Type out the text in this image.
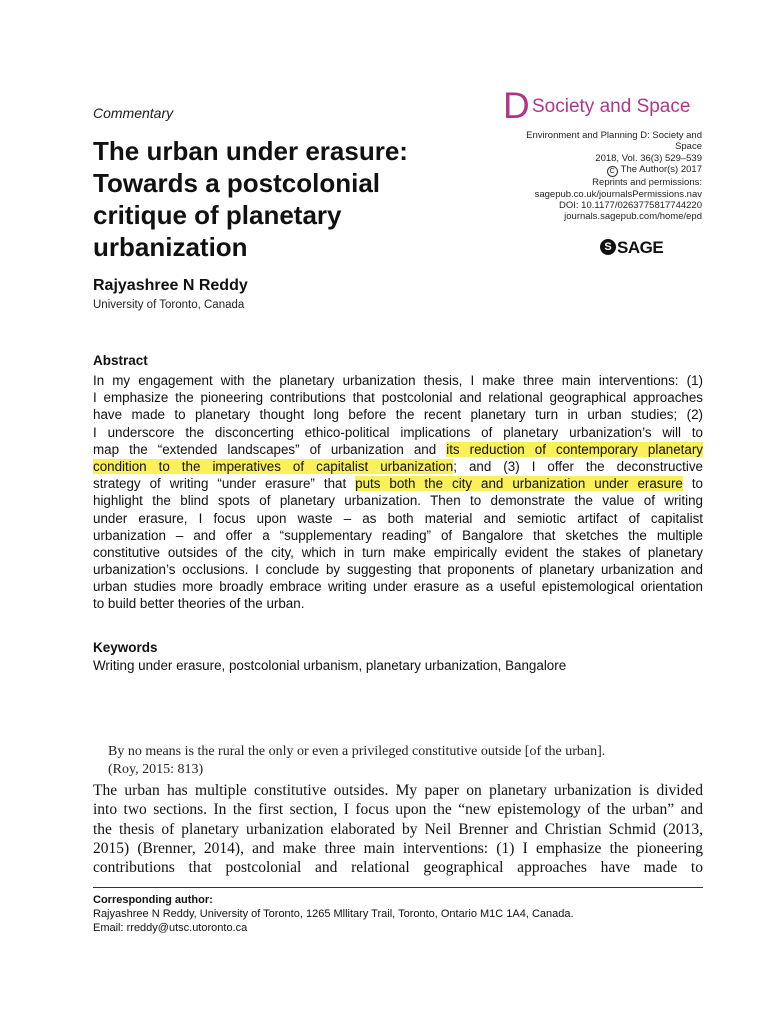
Commentary	D Society and Space
The urban under erasure:
Towards a postcolonial
critique of planetary
urbanization
Environment and Planning D: Society and
Space
2018, Vol. 36(3) 529–539
C The Author(s) 2017
Reprints and permissions:
sagepub.co.uk/journalsPermissions.nav
DOI: 10.1177/0263775817744220
journals.sagepub.com/home/epd
S SAGE
Rajyashree N Reddy
University of Toronto, Canada
Abstract
In my engagement with the planetary urbanization thesis, I make three main interventions: (1)
I emphasize the pioneering contributions that postcolonial and relational geographical approaches
have made to planetary thought long before the recent planetary turn in urban studies; (2)
I underscore the disconcerting ethico-political implications of planetary urbanization’s will to
map the “extended landscapes” of urbanization and its reduction of contemporary planetary
condition to the imperatives of capitalist urbanization; and (3) I offer the deconstructive
strategy of writing “under erasure” that puts both the city and urbanization under erasure to
highlight the blind spots of planetary urbanization. Then to demonstrate the value of writing
under erasure, I focus upon waste – as both material and semiotic artifact of capitalist
urbanization – and offer a “supplementary reading” of Bangalore that sketches the multiple
constitutive outsides of the city, which in turn make empirically evident the stakes of planetary
urbanization’s occlusions. I conclude by suggesting that proponents of planetary urbanization and
urban studies more broadly embrace writing under erasure as a useful epistemological orientation
to build better theories of the urban.
Keywords
Writing under erasure, postcolonial urbanism, planetary urbanization, Bangalore
By no means is the rural the only or even a privileged constitutive outside [of the urban].
(Roy, 2015: 813)
The urban has multiple constitutive outsides. My paper on planetary urbanization is divided
into two sections. In the first section, I focus upon the “new epistemology of the urban” and
the thesis of planetary urbanization elaborated by Neil Brenner and Christian Schmid (2013,
2015) (Brenner, 2014), and make three main interventions: (1) I emphasize the pioneering
contributions that postcolonial and relational geographical approaches have made to
Corresponding author:
Rajyashree N Reddy, University of Toronto, 1265 Mllitary Trail, Toronto, Ontario M1C 1A4, Canada.
Email: rreddy@utsc.utoronto.ca
